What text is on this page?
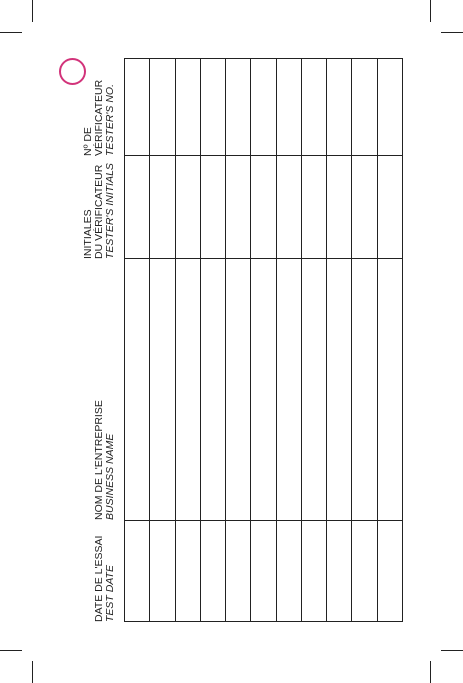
DATE DE L'ESSAI TEST DATE
NOM DE L'ENTREPRISE BUSINESS NAME
INITIALES DU VÉRIFICATEUR TESTER'S INITIALS
Nº DE VÉRIFICATEUR TESTER'S NO.
